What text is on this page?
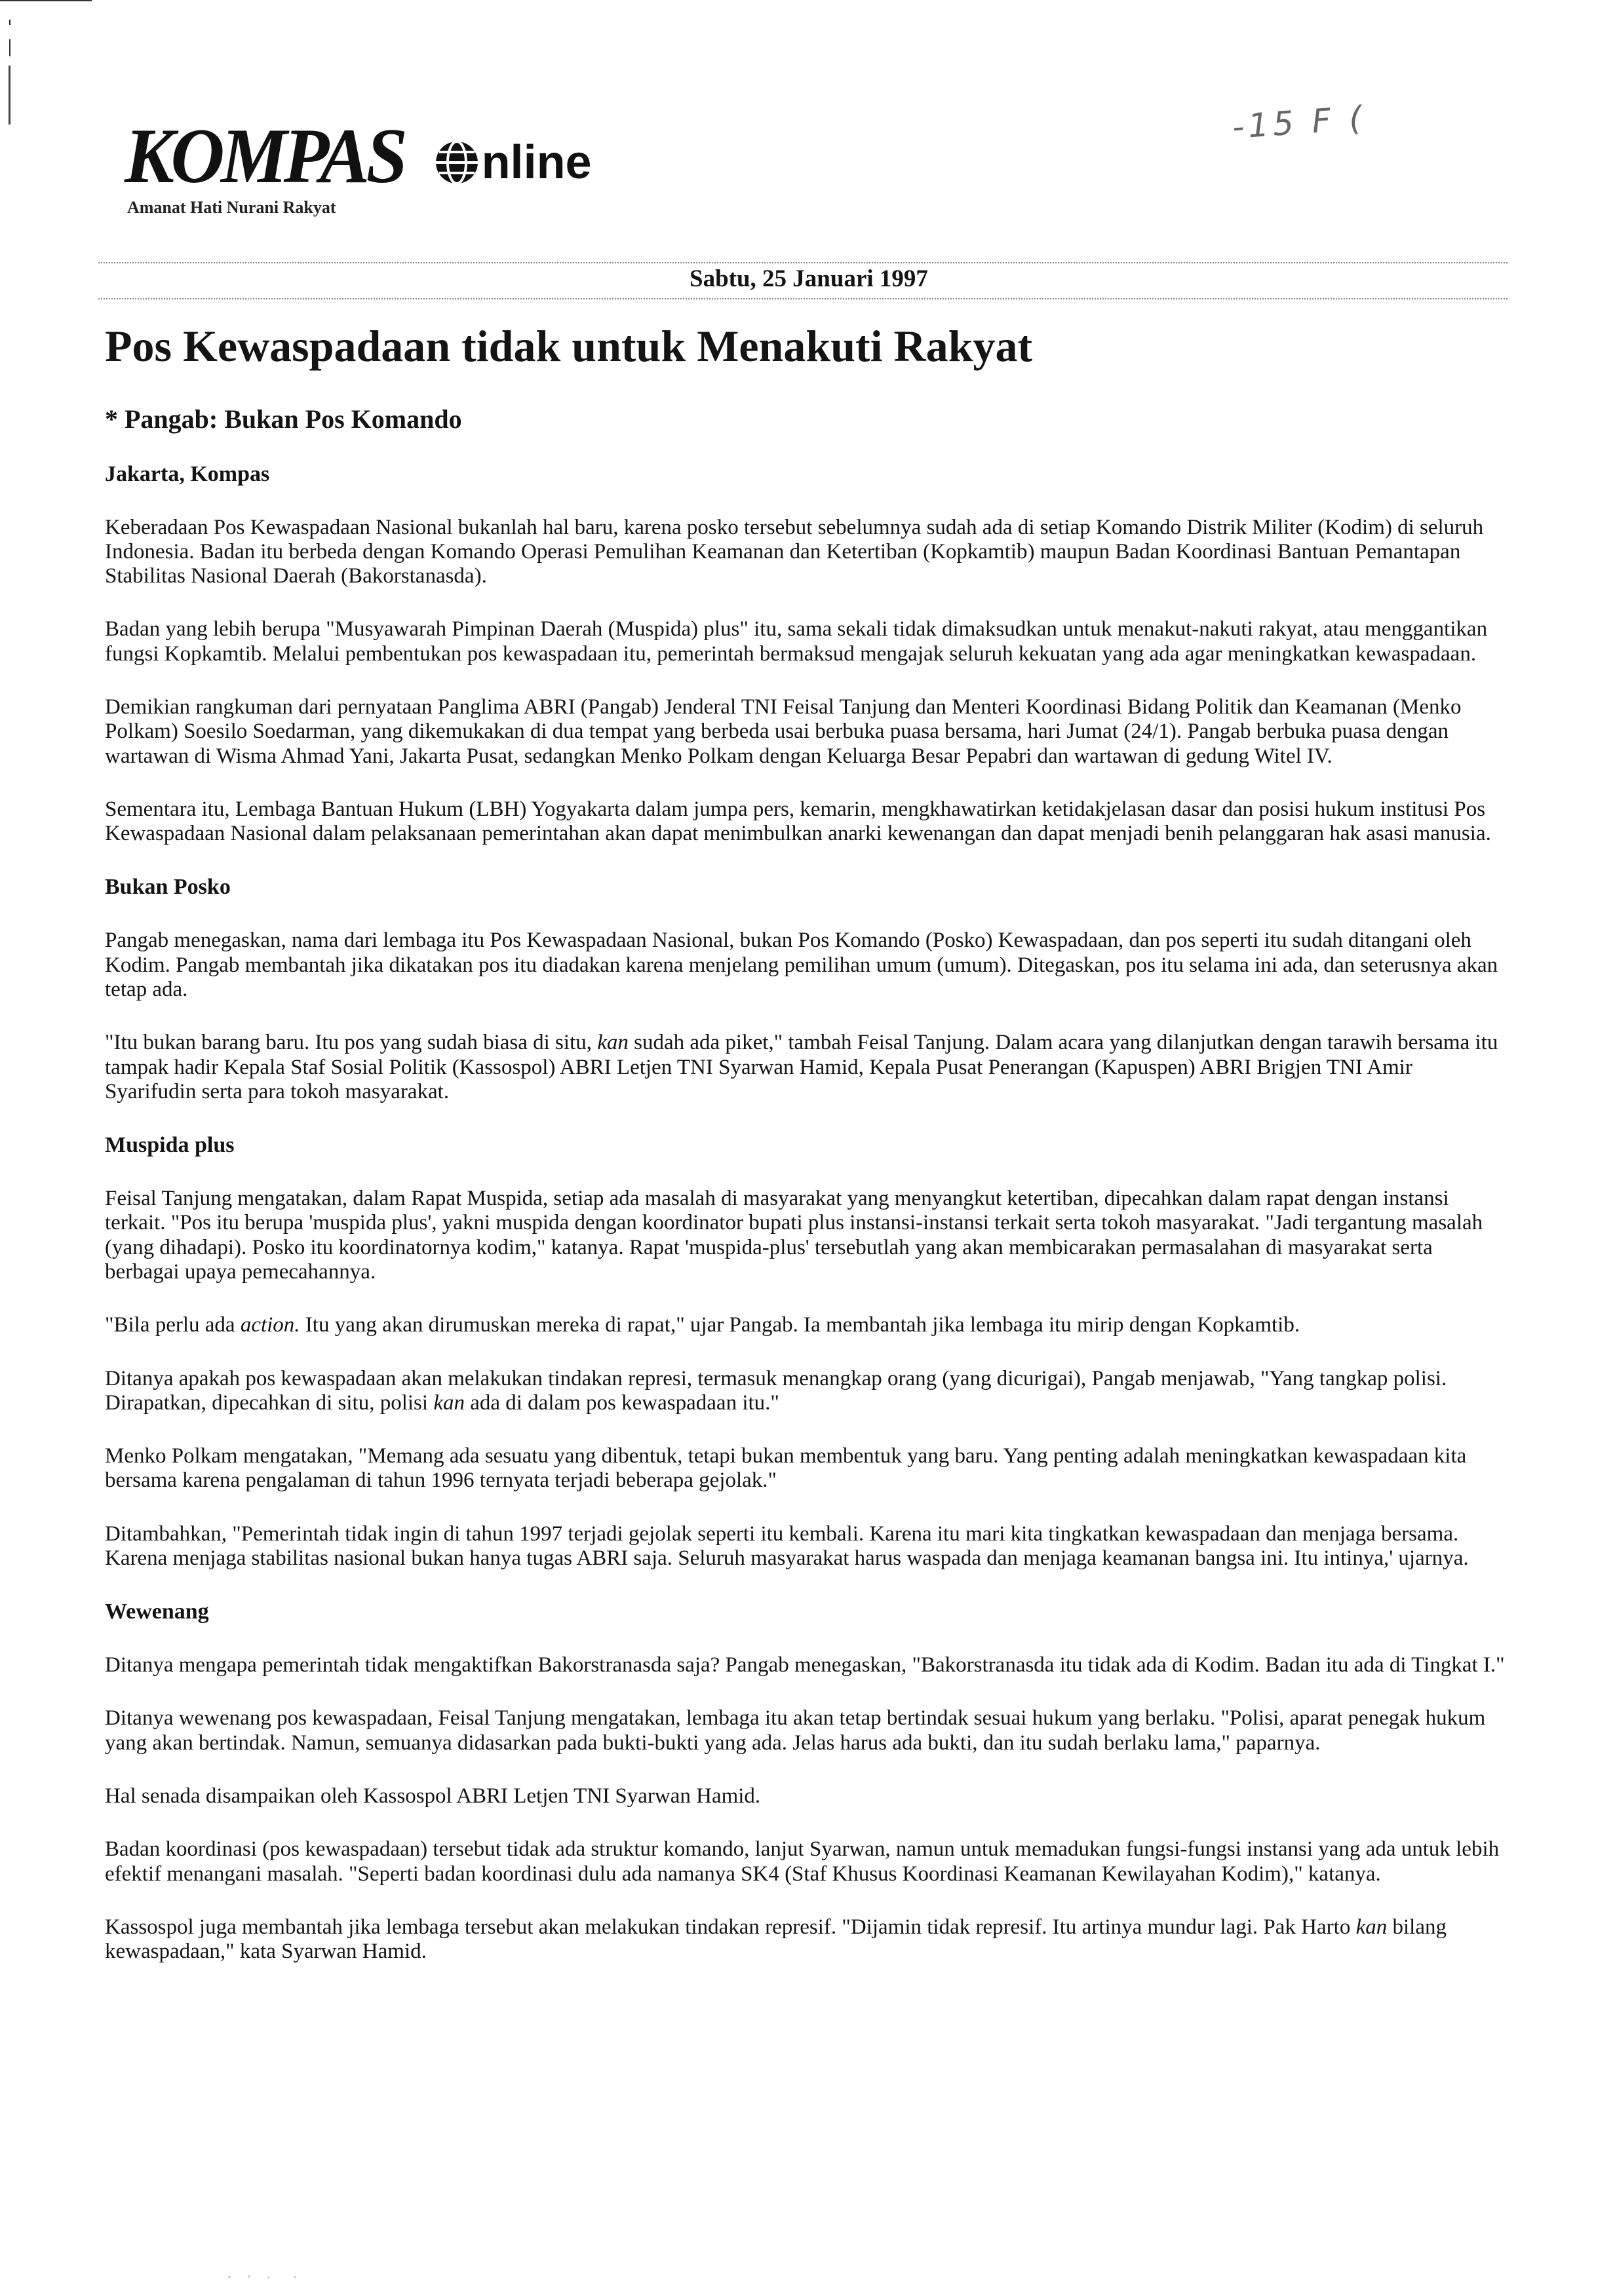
KOMPAS nline
Amanat Hati Nurani Rakyat
-15 F (
Sabtu, 25 Januari 1997
Pos Kewaspadaan tidak untuk Menakuti Rakyat
* Pangab: Bukan Pos Komando
Jakarta, Kompas

Keberadaan Pos Kewaspadaan Nasional bukanlah hal baru, karena posko tersebut sebelumnya sudah ada di setiap Komando Distrik Militer (Kodim) di seluruh Indonesia. Badan itu berbeda dengan Komando Operasi Pemulihan Keamanan dan Ketertiban (Kopkamtib) maupun Badan Koordinasi Bantuan Pemantapan Stabilitas Nasional Daerah (Bakorstanasda).

Badan yang lebih berupa "Musyawarah Pimpinan Daerah (Muspida) plus" itu, sama sekali tidak dimaksudkan untuk menakut-nakuti rakyat, atau menggantikan fungsi Kopkamtib. Melalui pembentukan pos kewaspadaan itu, pemerintah bermaksud mengajak seluruh kekuatan yang ada agar meningkatkan kewaspadaan.

Demikian rangkuman dari pernyataan Panglima ABRI (Pangab) Jenderal TNI Feisal Tanjung dan Menteri Koordinasi Bidang Politik dan Keamanan (Menko Polkam) Soesilo Soedarman, yang dikemukakan di dua tempat yang berbeda usai berbuka puasa bersama, hari Jumat (24/1). Pangab berbuka puasa dengan wartawan di Wisma Ahmad Yani, Jakarta Pusat, sedangkan Menko Polkam dengan Keluarga Besar Pepabri dan wartawan di gedung Witel IV.

Sementara itu, Lembaga Bantuan Hukum (LBH) Yogyakarta dalam jumpa pers, kemarin, mengkhawatirkan ketidakjelasan dasar dan posisi hukum institusi Pos Kewaspadaan Nasional dalam pelaksanaan pemerintahan akan dapat menimbulkan anarki kewenangan dan dapat menjadi benih pelanggaran hak asasi manusia.

Bukan Posko

Pangab menegaskan, nama dari lembaga itu Pos Kewaspadaan Nasional, bukan Pos Komando (Posko) Kewaspadaan, dan pos seperti itu sudah ditangani oleh Kodim. Pangab membantah jika dikatakan pos itu diadakan karena menjelang pemilihan umum (umum). Ditegaskan, pos itu selama ini ada, dan seterusnya akan tetap ada.

"Itu bukan barang baru. Itu pos yang sudah biasa di situ, kan sudah ada piket," tambah Feisal Tanjung. Dalam acara yang dilanjutkan dengan tarawih bersama itu tampak hadir Kepala Staf Sosial Politik (Kassospol) ABRI Letjen TNI Syarwan Hamid, Kepala Pusat Penerangan (Kapuspen) ABRI Brigjen TNI Amir Syarifudin serta para tokoh masyarakat.

Muspida plus

Feisal Tanjung mengatakan, dalam Rapat Muspida, setiap ada masalah di masyarakat yang menyangkut ketertiban, dipecahkan dalam rapat dengan instansi terkait. "Pos itu berupa 'muspida plus', yakni muspida dengan koordinator bupati plus instansi-instansi terkait serta tokoh masyarakat. "Jadi tergantung masalah (yang dihadapi). Posko itu koordinatornya kodim," katanya. Rapat 'muspida-plus' tersebutlah yang akan membicarakan permasalahan di masyarakat serta berbagai upaya pemecahannya.

"Bila perlu ada action. Itu yang akan dirumuskan mereka di rapat," ujar Pangab. Ia membantah jika lembaga itu mirip dengan Kopkamtib.

Ditanya apakah pos kewaspadaan akan melakukan tindakan represi, termasuk menangkap orang (yang dicurigai), Pangab menjawab, "Yang tangkap polisi. Dirapatkan, dipecahkan di situ, polisi kan ada di dalam pos kewaspadaan itu."

Menko Polkam mengatakan, "Memang ada sesuatu yang dibentuk, tetapi bukan membentuk yang baru. Yang penting adalah meningkatkan kewaspadaan kita bersama karena pengalaman di tahun 1996 ternyata terjadi beberapa gejolak."

Ditambahkan, "Pemerintah tidak ingin di tahun 1997 terjadi gejolak seperti itu kembali. Karena itu mari kita tingkatkan kewaspadaan dan menjaga bersama. Karena menjaga stabilitas nasional bukan hanya tugas ABRI saja. Seluruh masyarakat harus waspada dan menjaga keamanan bangsa ini. Itu intinya,' ujarnya.

Wewenang

Ditanya mengapa pemerintah tidak mengaktifkan Bakorstranasda saja? Pangab menegaskan, "Bakorstranasda itu tidak ada di Kodim. Badan itu ada di Tingkat I."

Ditanya wewenang pos kewaspadaan, Feisal Tanjung mengatakan, lembaga itu akan tetap bertindak sesuai hukum yang berlaku. "Polisi, aparat penegak hukum yang akan bertindak. Namun, semuanya didasarkan pada bukti-bukti yang ada. Jelas harus ada bukti, dan itu sudah berlaku lama," paparnya.

Hal senada disampaikan oleh Kassospol ABRI Letjen TNI Syarwan Hamid.

Badan koordinasi (pos kewaspadaan) tersebut tidak ada struktur komando, lanjut Syarwan, namun untuk memadukan fungsi-fungsi instansi yang ada untuk lebih efektif menangani masalah. "Seperti badan koordinasi dulu ada namanya SK4 (Staf Khusus Koordinasi Keamanan Kewilayahan Kodim)," katanya.

Kassospol juga membantah jika lembaga tersebut akan melakukan tindakan represif. "Dijamin tidak represif. Itu artinya mundur lagi. Pak Harto kan bilang kewaspadaan," kata Syarwan Hamid.
